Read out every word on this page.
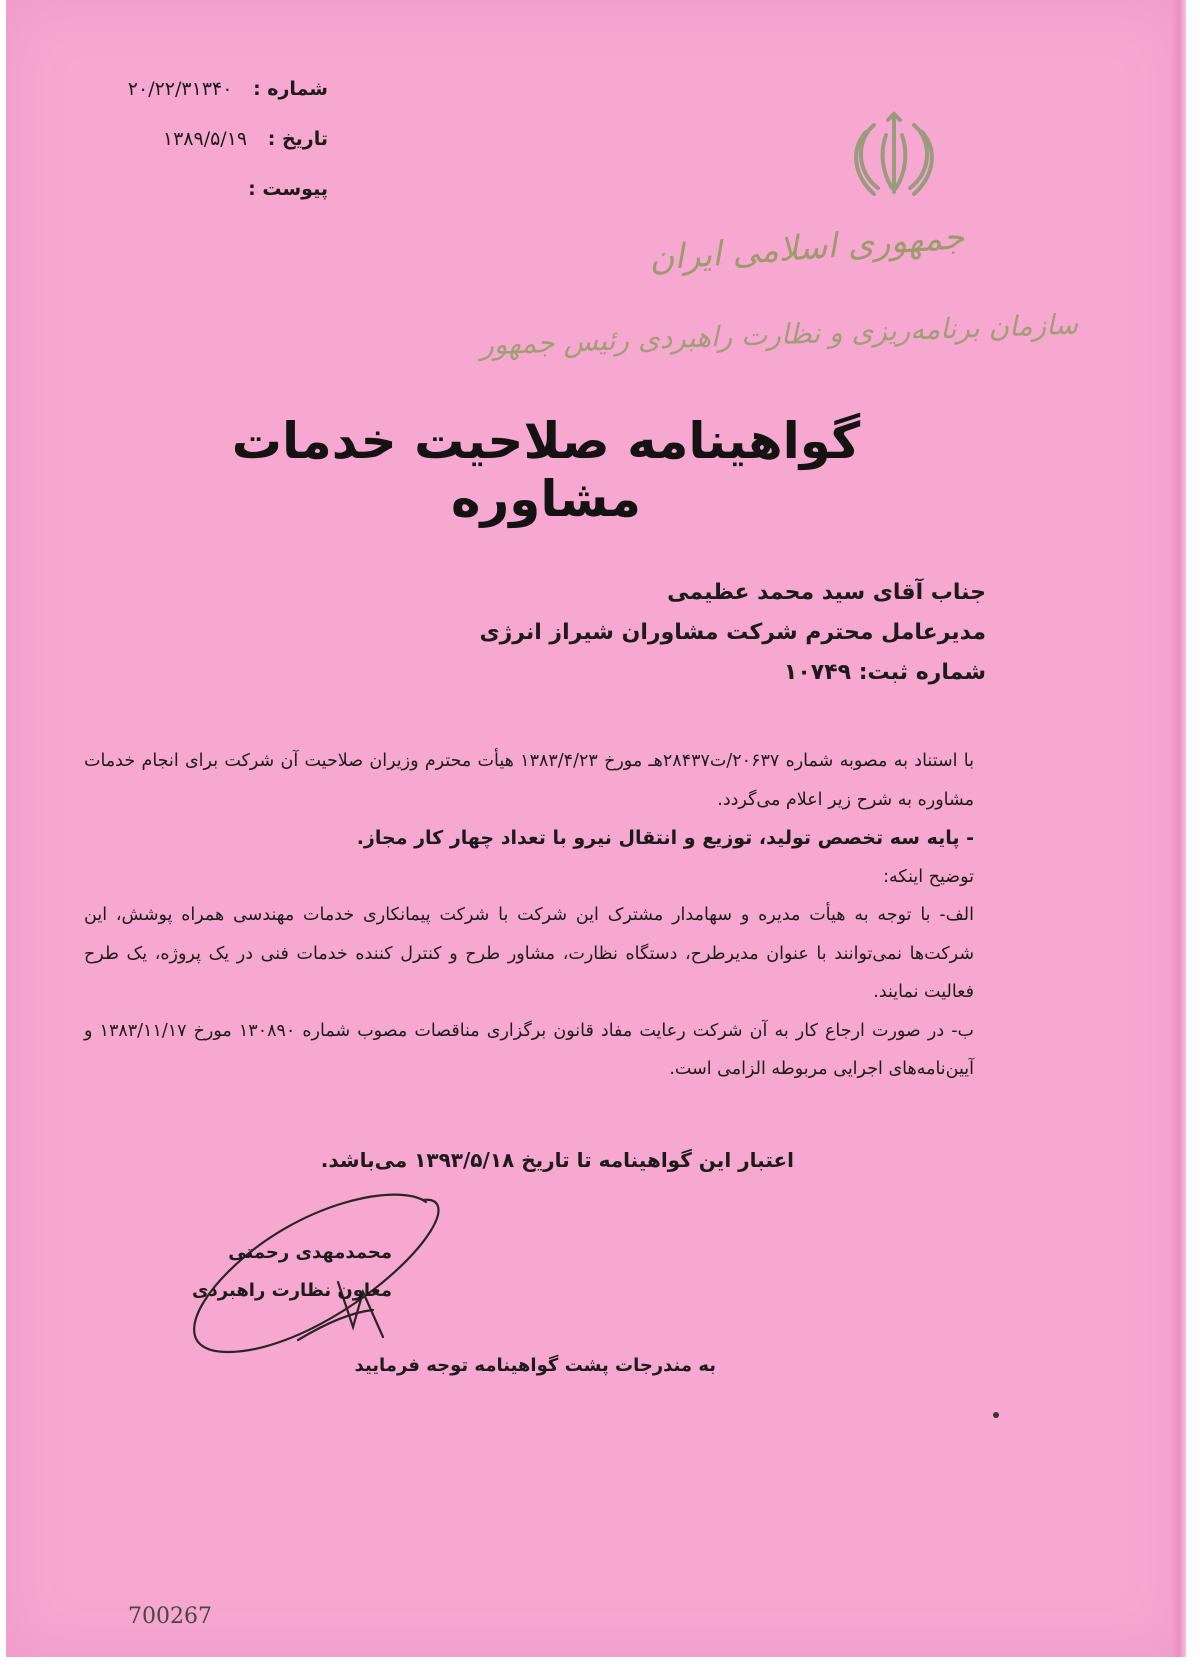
شماره : ۲۰/۲۲/۳۱۳۴۰
تاریخ : ۱۳۸۹/۵/۱۹
پیوست :
جمهوری اسلامی ایران
سازمان برنامه‌ریزی و نظارت راهبردی رئیس جمهور
گواهینامه صلاحیت خدمات مشاوره
جناب آقای سید محمد عظیمی
مدیرعامل محترم شرکت مشاوران شیراز انرژی
شماره ثبت: ۱۰۷۴۹

با استناد به مصوبه شماره ۲۰۶۳۷/ت۲۸۴۳۷هـ مورخ ۱۳۸۳/۴/۲۳ هیأت محترم وزیران صلاحیت آن شرکت برای انجام خدمات مشاوره به شرح زیر اعلام می‌گردد.

- پایه سه تخصص تولید، توزیع و انتقال نیرو با تعداد چهار کار مجاز.

توضیح اینکه:

الف- با توجه به هیأت مدیره و سهامدار مشترک این شرکت با شرکت پیمانکاری خدمات مهندسی همراه پوشش، این شرکت‌ها نمی‌توانند با عنوان مدیرطرح، دستگاه نظارت، مشاور طرح و کنترل کننده خدمات فنی در یک پروژه، یک طرح فعالیت نمایند.

ب- در صورت ارجاع کار به آن شرکت رعایت مفاد قانون برگزاری مناقصات مصوب شماره ۱۳۰۸۹۰ مورخ ۱۳۸۳/۱۱/۱۷ و آیین‌نامه‌های اجرایی مربوطه الزامی است.

اعتبار این گواهینامه تا تاریخ ۱۳۹۳/۵/۱۸ می‌باشد.
محمدمهدی رحمتی
معاون نظارت راهبردی
به مندرجات پشت گواهینامه توجه فرمایید
700267
